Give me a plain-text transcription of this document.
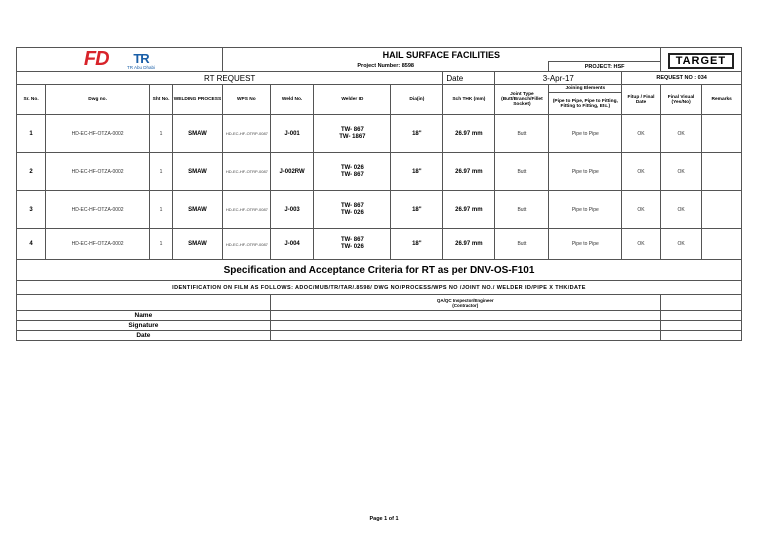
FD TR
TR Abu Dhabi				HAIL SURFACE FACILITIES								TARGET	
				Project Number: 8598						PROJECT: HSF			
RT REQUEST								Date	3-Apr-17		REQUEST NO : 034		
Sr. No.	Dwg no.	Sht No.	WELDING PROCESS	WPS No	Weld No.	Welder ID	Dia(in)	Sch THK (mm)	Joint Type (Butt/Branch/Fillet Socket)	Joining Elements	Fitup / Final Date	Final Visual (Yes/No)	Remarks
										(Pipe to Pipe, Pipe to Fitting, Fitting to Fitting, Etc.)			
1	HD-EC-HF-OTZA-0002	1	SMAW	HD-EC-HF-OTRP-0087	J-001	TW- 867
TW- 1867	18"	26.97 mm	Butt	Pipe to Pipe	OK	OK	
2	HD-EC-HF-OTZA-0002	1	SMAW	HD-EC-HF-OTRP-0087	J-002RW	TW- 026
TW- 867	18"	26.97 mm	Butt	Pipe to Pipe	OK	OK	
3	HD-EC-HF-OTZA-0002	1	SMAW	HD-EC-HF-OTRP-0087	J-003	TW- 867
TW- 026	18"	26.97 mm	Butt	Pipe to Pipe	OK	OK	
4	HD-EC-HF-OTZA-0002	1	SMAW	HD-EC-HF-OTRP-0087	J-004	TW- 867
TW- 026	18"	26.97 mm	Butt	Pipe to Pipe	OK	OK	
Specification and Acceptance Criteria for RT as per DNV-OS-F101													
IDENTIFICATION ON FILM AS FOLLOWS: ADOC/MUB/TR/TAR/.8598/ DWG NO/PROCESS/WPS NO /JOINT NO./ WELDER ID/PIPE X THK/DATE													

					QA/QC Inspector/Engineer
(Contractor)								

Name													
Signature													
Date													
Page 1 of 1
